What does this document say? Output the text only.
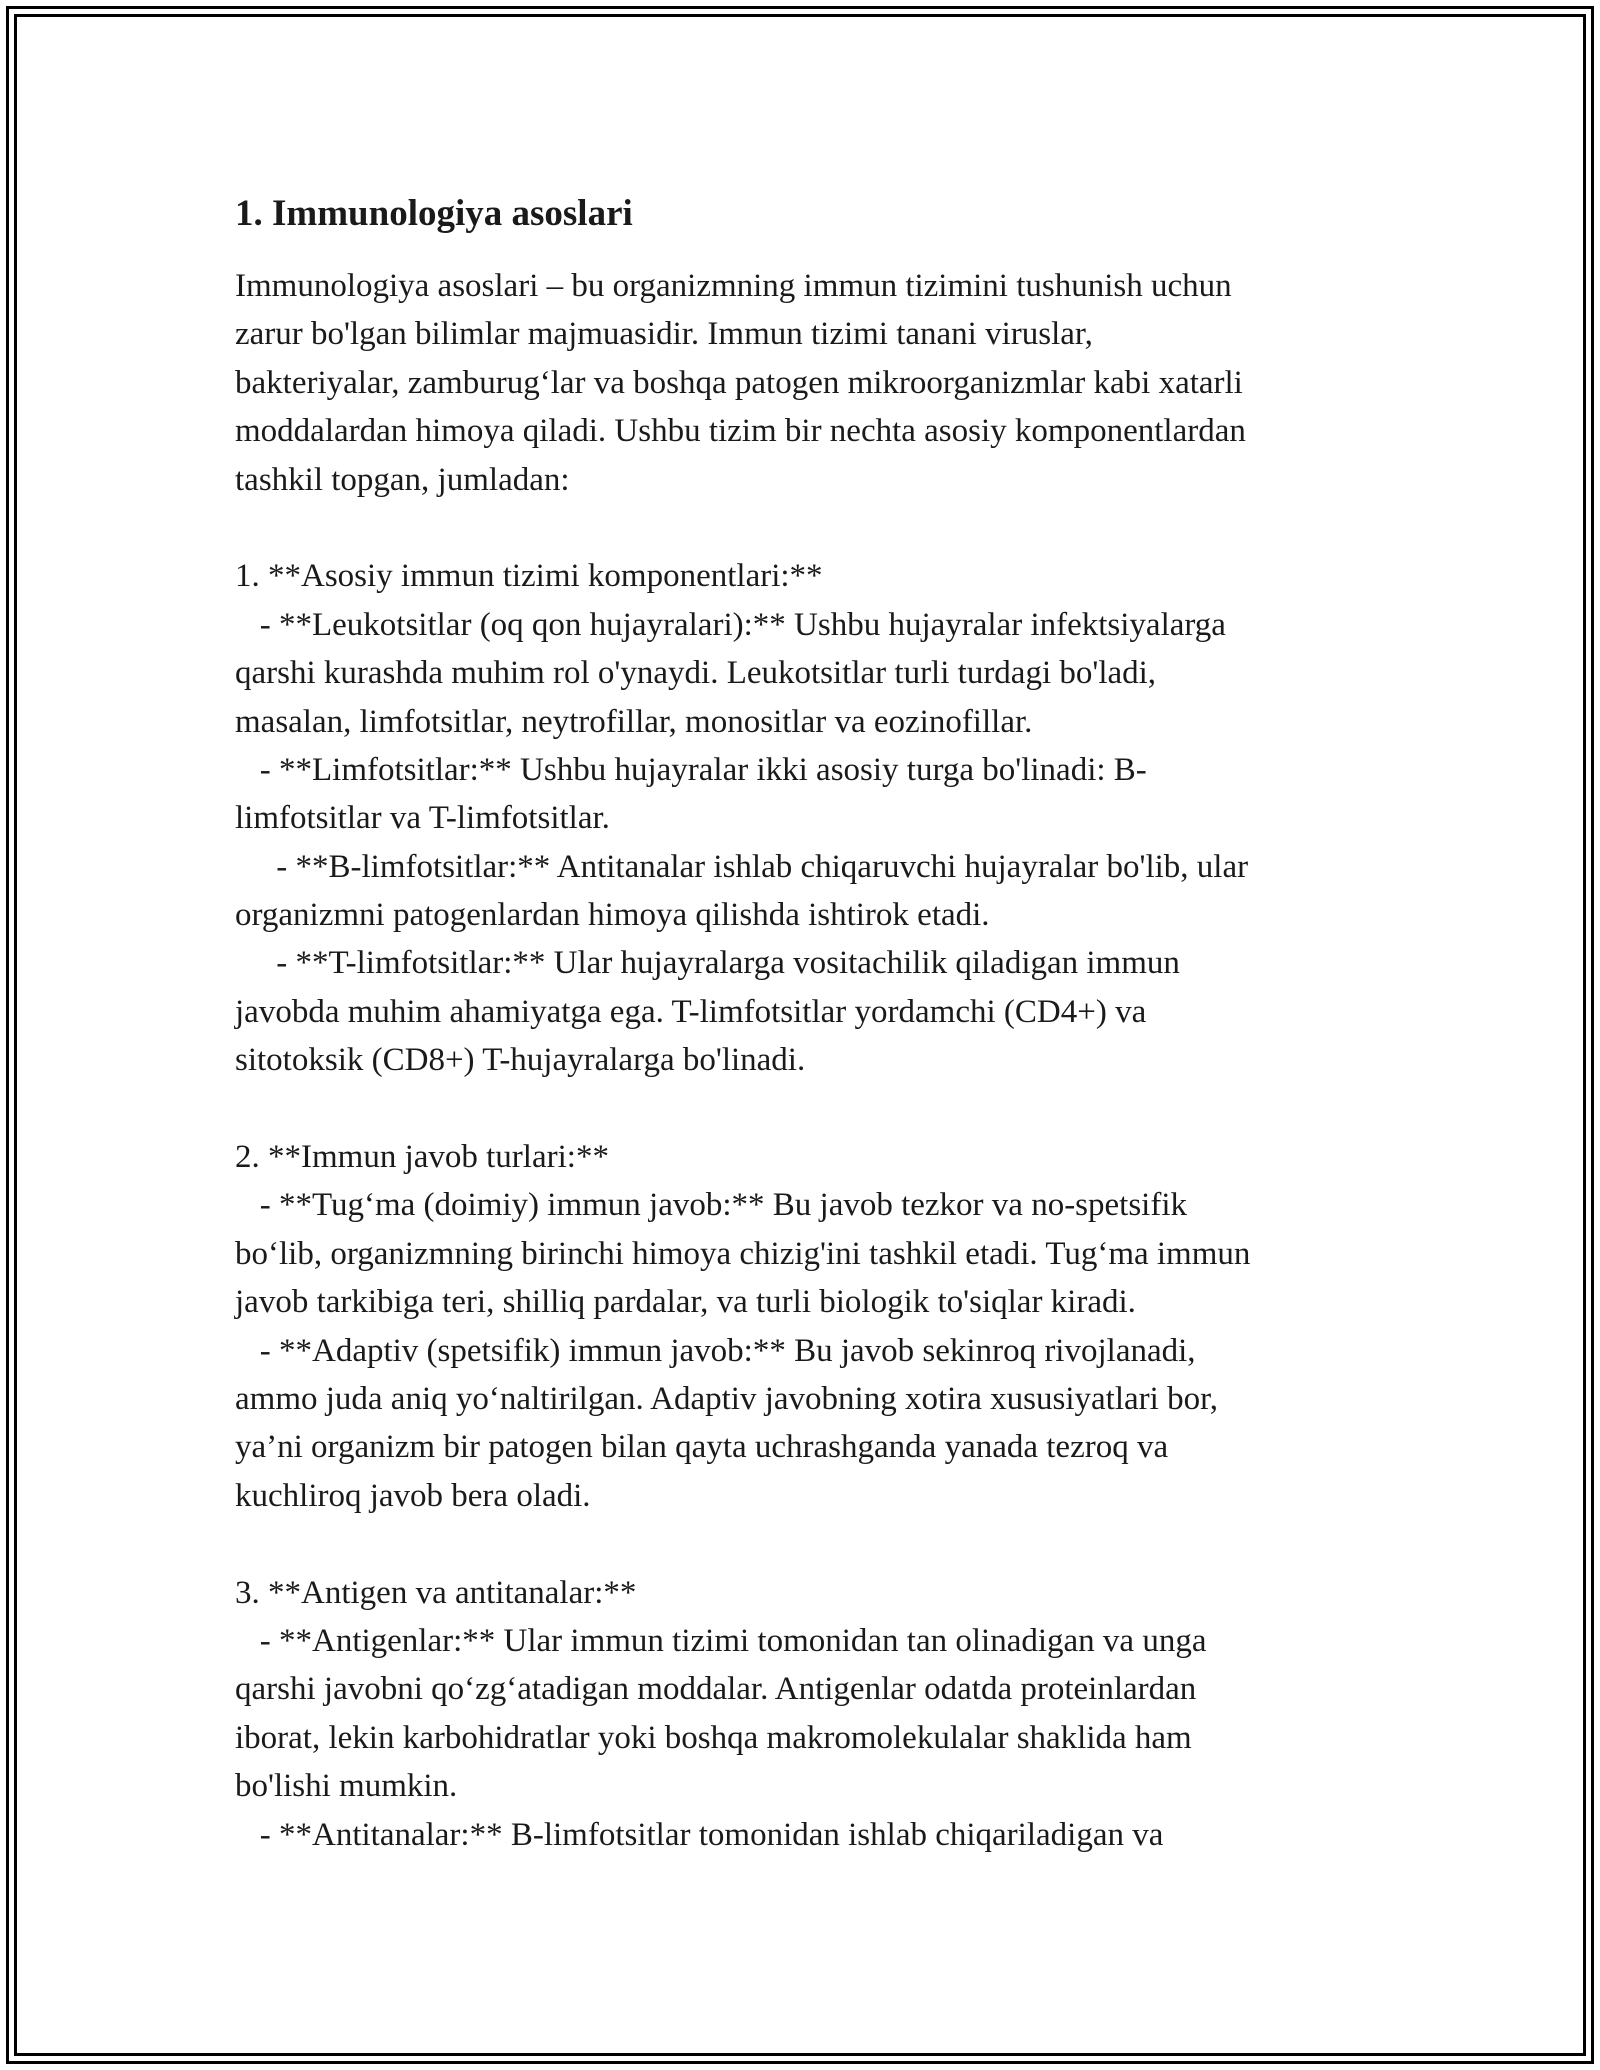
1. Immunologiya asoslari
Immunologiya asoslari – bu organizmning immun tizimini tushunish uchun
zarur bo'lgan bilimlar majmuasidir. Immun tizimi tanani viruslar,
bakteriyalar, zamburug‘lar va boshqa patogen mikroorganizmlar kabi xatarli
moddalardan himoya qiladi. Ushbu tizim bir nechta asosiy komponentlardan
tashkil topgan, jumladan:
1. **Asosiy immun tizimi komponentlari:**
- **Leukotsitlar (oq qon hujayralari):** Ushbu hujayralar infektsiyalarga
qarshi kurashda muhim rol o'ynaydi. Leukotsitlar turli turdagi bo'ladi,
masalan, limfotsitlar, neytrofillar, monositlar va eozinofillar.
- **Limfotsitlar:** Ushbu hujayralar ikki asosiy turga bo'linadi: B-
limfotsitlar va T-limfotsitlar.
- **B-limfotsitlar:** Antitanalar ishlab chiqaruvchi hujayralar bo'lib, ular
organizmni patogenlardan himoya qilishda ishtirok etadi.
- **T-limfotsitlar:** Ular hujayralarga vositachilik qiladigan immun
javobda muhim ahamiyatga ega. T-limfotsitlar yordamchi (CD4+) va
sitotoksik (CD8+) T-hujayralarga bo'linadi.
2. **Immun javob turlari:**
- **Tug‘ma (doimiy) immun javob:** Bu javob tezkor va no-spetsifik
bo‘lib, organizmning birinchi himoya chizig'ini tashkil etadi. Tug‘ma immun
javob tarkibiga teri, shilliq pardalar, va turli biologik to'siqlar kiradi.
- **Adaptiv (spetsifik) immun javob:** Bu javob sekinroq rivojlanadi,
ammo juda aniq yo‘naltirilgan. Adaptiv javobning xotira xususiyatlari bor,
ya’ni organizm bir patogen bilan qayta uchrashganda yanada tezroq va
kuchliroq javob bera oladi.
3. **Antigen va antitanalar:**
- **Antigenlar:** Ular immun tizimi tomonidan tan olinadigan va unga
qarshi javobni qo‘zg‘atadigan moddalar. Antigenlar odatda proteinlardan
iborat, lekin karbohidratlar yoki boshqa makromolekulalar shaklida ham
bo'lishi mumkin.
- **Antitanalar:** B-limfotsitlar tomonidan ishlab chiqariladigan va
